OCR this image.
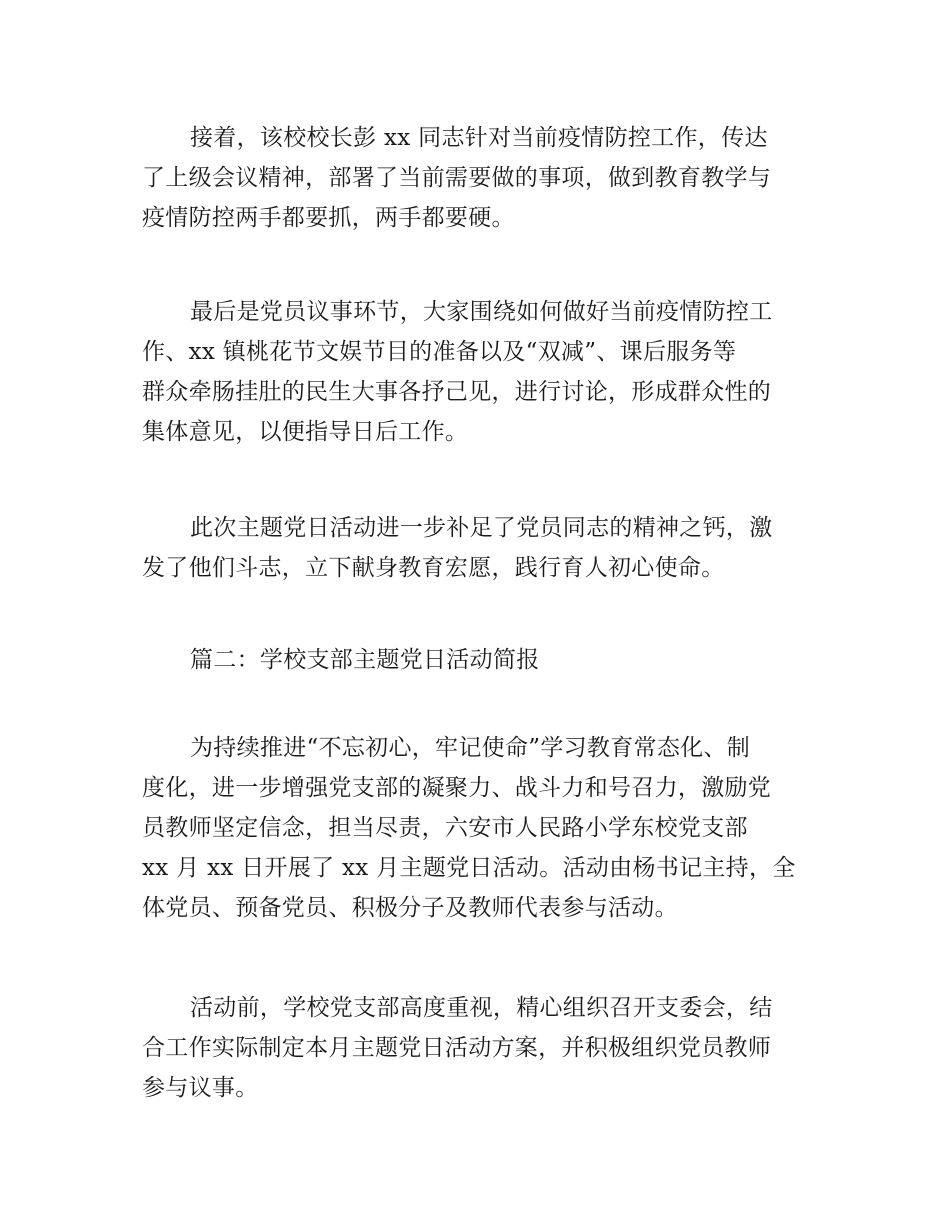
接着，该校校长彭 xx 同志针对当前疫情防控工作，传达
了上级会议精神，部署了当前需要做的事项，做到教育教学与
疫情防控两手都要抓，两手都要硬。
最后是党员议事环节，大家围绕如何做好当前疫情防控工
作、xx 镇桃花节文娱节目的准备以及“双减”、课后服务等
群众牵肠挂肚的民生大事各抒己见，进行讨论，形成群众性的
集体意见，以便指导日后工作。
此次主题党日活动进一步补足了党员同志的精神之钙，激
发了他们斗志，立下献身教育宏愿，践行育人初心使命。
篇二：学校支部主题党日活动简报
为持续推进“不忘初心，牢记使命”学习教育常态化、制
度化，进一步增强党支部的凝聚力、战斗力和号召力，激励党
员教师坚定信念，担当尽责，六安市人民路小学东校党支部
xx 月 xx 日开展了 xx 月主题党日活动。活动由杨书记主持，全
体党员、预备党员、积极分子及教师代表参与活动。
活动前，学校党支部高度重视，精心组织召开支委会，结
合工作实际制定本月主题党日活动方案，并积极组织党员教师
参与议事。
